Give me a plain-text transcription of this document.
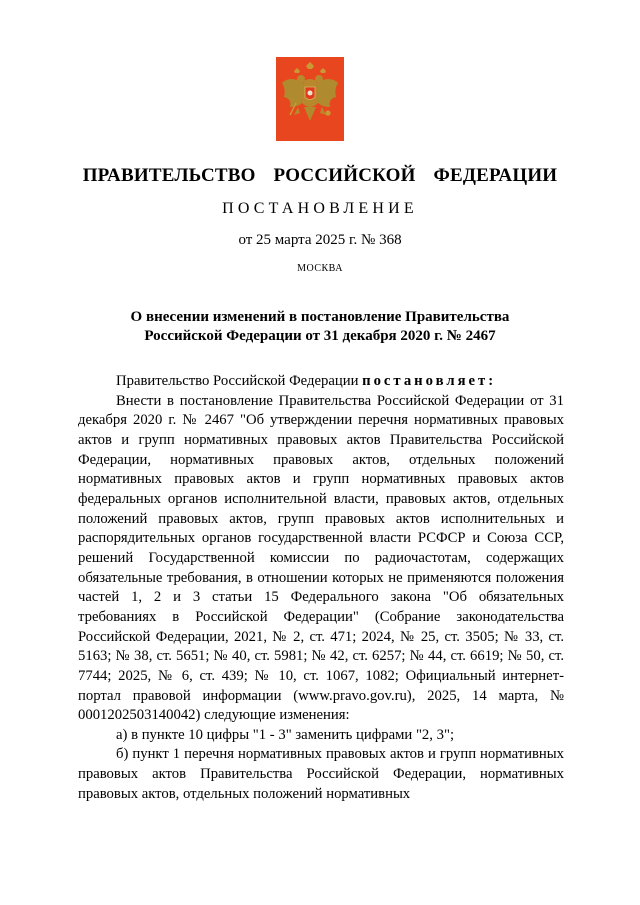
ПРАВИТЕЛЬСТВО  РОССИЙСКОЙ  ФЕДЕРАЦИИ
ПОСТАНОВЛЕНИЕ
от 25 марта 2025 г. № 368
МОСКВА
О внесении изменений в постановление Правительства
Российской Федерации от 31 декабря 2020 г. № 2467

Правительство Российской Федерации постановляет:

Внести в постановление Правительства Российской Федерации от 31 декабря 2020 г. № 2467 "Об утверждении перечня нормативных правовых актов и групп нормативных правовых актов Правительства Российской Федерации, нормативных правовых актов, отдельных положений нормативных правовых актов и групп нормативных правовых актов федеральных органов исполнительной власти, правовых актов, отдельных положений правовых актов, групп правовых актов исполнительных и распорядительных органов государственной власти РСФСР и Союза ССР, решений Государственной комиссии по радиочастотам, содержащих обязательные требования, в отношении которых не применяются положения частей 1, 2 и 3 статьи 15 Федерального закона "Об обязательных требованиях в Российской Федерации" (Собрание законодательства Российской Федерации, 2021, № 2, ст. 471; 2024, № 25, ст. 3505; № 33, ст. 5163; № 38, ст. 5651; № 40, ст. 5981; № 42, ст. 6257; № 44, ст. 6619; № 50, ст. 7744; 2025, № 6, ст. 439; № 10, ст. 1067, 1082; Официальный интернет-портал правовой информации (www.pravo.gov.ru), 2025, 14 марта, № 0001202503140042) следующие изменения:

а) в пункте 10 цифры "1 - 3" заменить цифрами "2, 3";

б) пункт 1 перечня нормативных правовых актов и групп нормативных правовых актов Правительства Российской Федерации, нормативных правовых актов, отдельных положений нормативных
